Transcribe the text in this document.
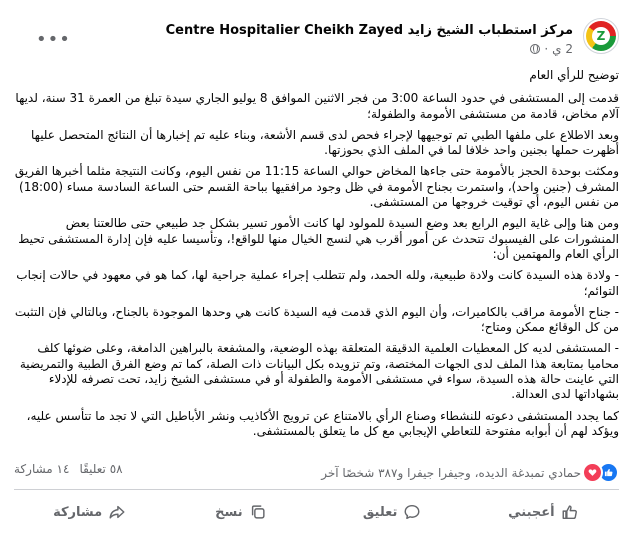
Z
مركز استطباب الشيخ زايد Centre Hospitalier Cheikh Zayed
2 ي
·
•••

توضيح للرأي العام

قدمت إلى المستشفى في حدود الساعة 3:00 من فجر الاثنين الموافق 8 يوليو الجاري سيدة تبلغ من العمرة 31 سنة، لديها آلام مخاض، قادمة من مستشفى الأمومة والطفولة؛

وبعد الاطلاع على ملفها الطبي تم توجيهها لإجراء فحص لدى قسم الأشعة، وبناء عليه تم إخبارها أن النتائج المتحصل عليها أظهرت حملها بجنين واحد خلافا لما في الملف الذي بحوزتها.

ومكثت بوحدة الحجز بالأمومة حتى جاءها المخاض حوالي الساعة 11:15 من نفس اليوم، وكانت النتيجة مثلما أخبرها الفريق المشرف (جنين واحد)، واستمرت بجناح الأمومة في ظل وجود مرافقيها بباحة القسم حتى الساعة السادسة مساء (18:00) من نفس اليوم، أي توقيت خروجها من المستشفى.

ومن هنا وإلى غاية اليوم الرابع بعد وضع السيدة للمولود لها كانت الأمور تسير بشكل جد طبيعي حتى طالعتنا بعض المنشورات على الفيسبوك تتحدث عن أمور أقرب هي لنسج الخيال منها للواقع!، وتأسيسا عليه فإن إدارة المستشفى تحيط الرأي العام والمهتمين أن:

- ولادة هذه السيدة كانت ولادة طبيعية، ولله الحمد، ولم تتطلب إجراء عملية جراحية لها، كما هو في معهود في حالات إنجاب التوائم؛

- جناح الأمومة مراقب بالكاميرات، وأن اليوم الذي قدمت فيه السيدة كانت هي وحدها الموجودة بالجناح، وبالتالي فإن التثبت من كل الوقائع ممكن ومتاح؛

- المستشفى لديه كل المعطيات العلمية الدقيقة المتعلقة بهذه الوضعية، والمشفعة بالبراهين الدامغة، وعلى ضوئها كلف محاميا بمتابعة هذا الملف لدى الجهات المختصة، وتم تزويده بكل البيانات ذات الصلة، كما تم وضع الفرق الطبية والتمريضية التي عاينت حالة هذه السيدة، سواء في مستشفى الأمومة والطفولة أو في مستشفى الشيخ زايد، تحت تصرفه للإدلاء بشهاداتها لدى العدالة.

كما يجدد المستشفى دعوته للنشطاء وصناع الرأي بالامتناع عن ترويج الأكاذيب ونشر الأباطيل التي لا تجد ما تتأسس عليه، ويؤكد لهم أن أبوابه مفتوحة للتعاطي الإيجابي مع كل ما يتعلق بالمستشفى.

حمادي تمبدغة الديده، وجيفرا جيفرا و٣٨٧ شخصًا آخر
٥٨ تعليقًا
١٤ مشاركة
أعجبني
تعليق
نسخ
مشاركة
